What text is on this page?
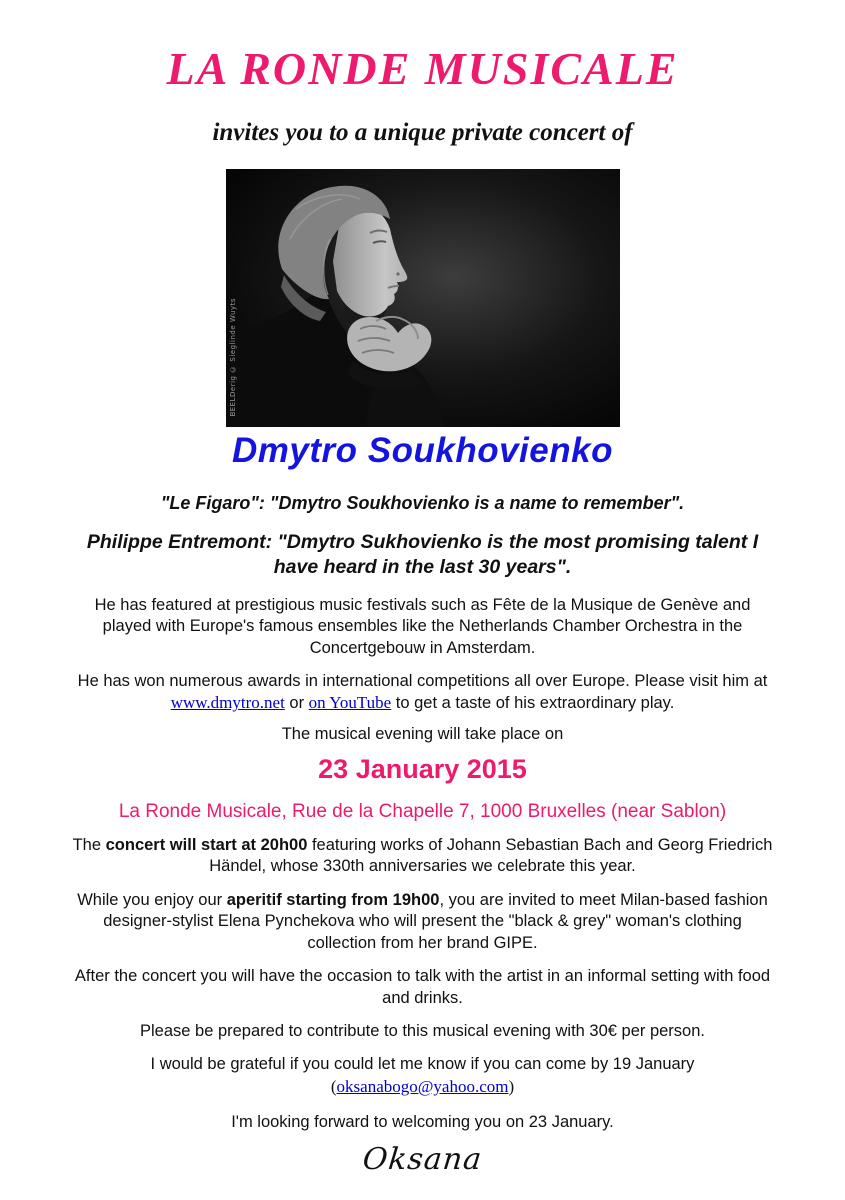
LA RONDE MUSICALE
invites you to a unique private concert of
BEELDerig © Sieglinde Wuyts
Dmytro Soukhovienko
"Le Figaro": "Dmytro Soukhovienko is a name to remember".
Philippe Entremont: "Dmytro Sukhovienko is the most promising talent I have heard in the last 30 years".

He has featured at prestigious music festivals such as Fête de la Musique de Genève and played with Europe's famous ensembles like the Netherlands Chamber Orchestra in the Concertgebouw in Amsterdam.

He has won numerous awards in international competitions all over Europe. Please visit him at www.dmytro.net or on YouTube to get a taste of his extraordinary play.

The musical evening will take place on

23 January 2015
La Ronde Musicale, Rue de la Chapelle 7, 1000 Bruxelles (near Sablon)

The concert will start at 20h00 featuring works of Johann Sebastian Bach and Georg Friedrich Händel, whose 330th anniversaries we celebrate this year.

While you enjoy our aperitif starting from 19h00, you are invited to meet Milan-based fashion designer-stylist Elena Pynchekova who will present the "black & grey" woman's clothing collection from her brand GIPE.

After the concert you will have the occasion to talk with the artist in an informal setting with food and drinks.

Please be prepared to contribute to this musical evening with 30€ per person.

I would be grateful if you could let me know if you can come by 19 January
(oksanabogo@yahoo.com)

I'm looking forward to welcoming you on 23 January.

Oksana
